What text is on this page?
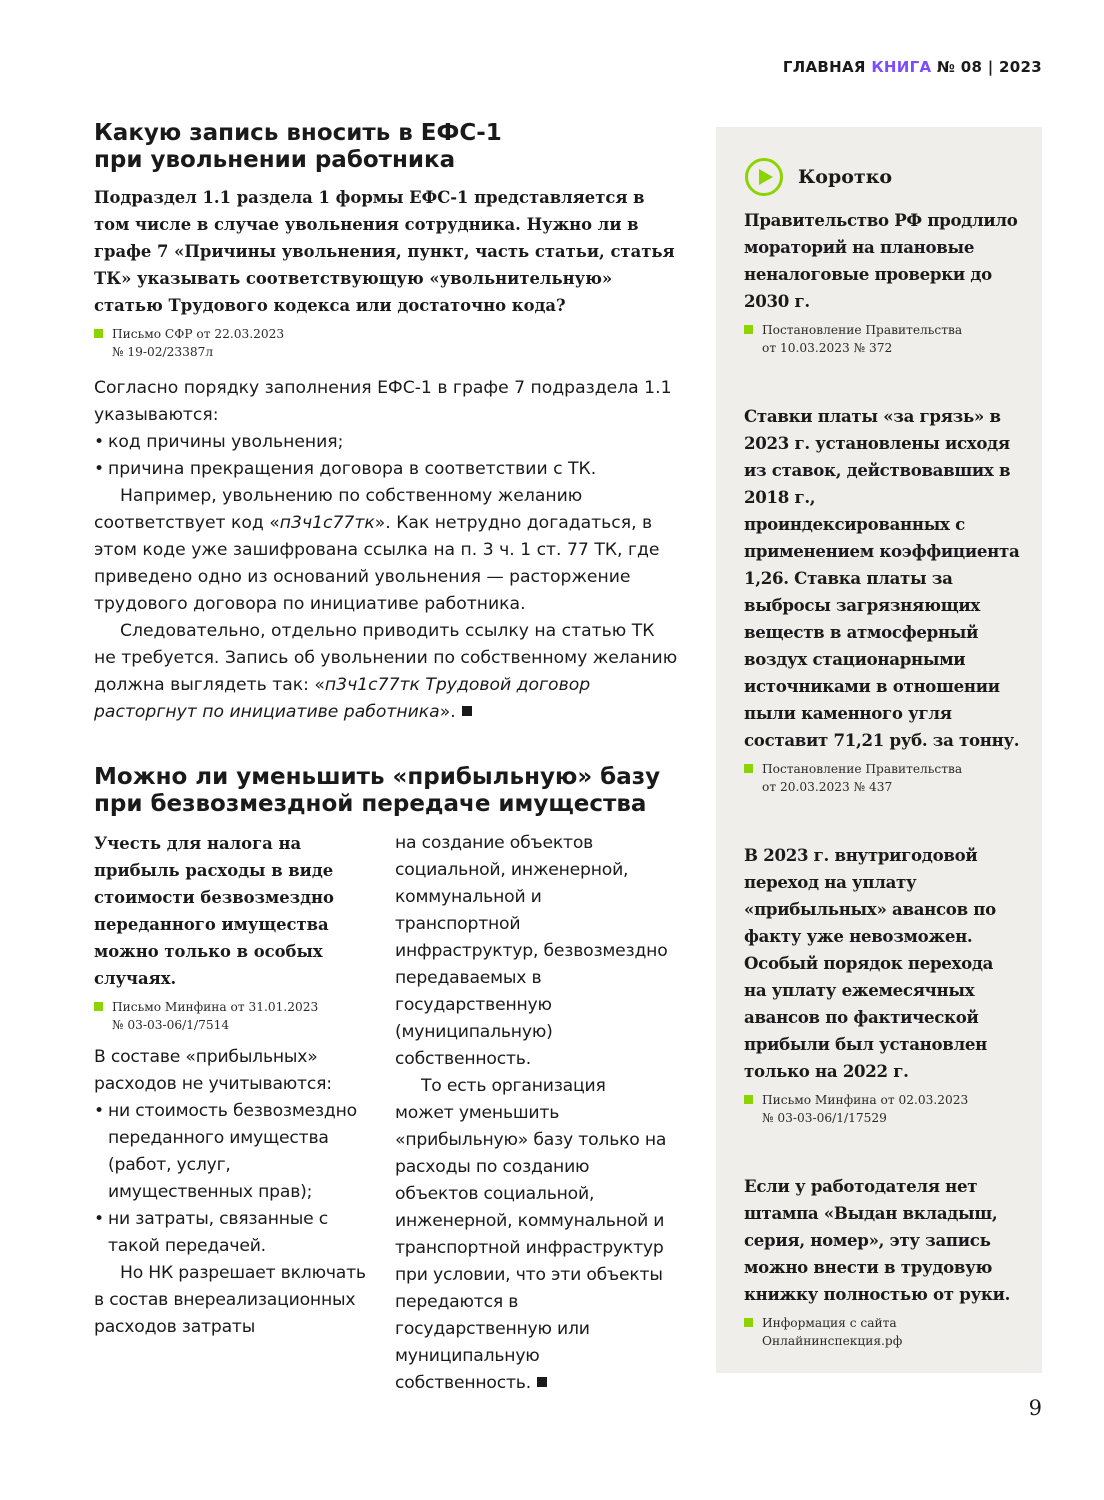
ГЛАВНАЯ КНИГА № 08 | 2023
Какую запись вносить в ЕФС-1
при увольнении работника

Подраздел 1.1 раздела 1 формы ЕФС-1 представляется в том числе в случае увольнения сотрудника. Нужно ли в графе 7 «Причины увольнения, пункт, часть статьи, статья ТК» указывать соответствующую «увольнительную» статью Трудового кодекса или достаточно кода?

Письмо СФР от 22.03.2023
№ 19-02/23387л

Согласно порядку заполнения ЕФС-1 в графе 7 подраздела 1.1 указываются:

• код причины увольнения;
• причина прекращения договора в соответствии с ТК.

Например, увольнению по собственному желанию соответствует код «п3ч1с77тк». Как нетрудно догадаться, в этом коде уже зашифрована ссылка на п. 3 ч. 1 ст. 77 ТК, где приведено одно из оснований увольнения — расторжение трудового договора по инициативе работника.

Следовательно, отдельно приводить ссылку на статью ТК не требуется. Запись об увольнении по собственному желанию должна выглядеть так: «п3ч1с77тк Трудовой договор расторгнут по инициативе работника».

Можно ли уменьшить «прибыльную» базу
при безвозмездной передаче имущества

Учесть для налога на прибыль расходы в виде стоимости безвозмездно переданного имущества можно только в особых случаях.

Письмо Минфина от 31.01.2023
№ 03-03-06/1/7514

В составе «прибыльных» расходов не учитываются:

• ни стоимость безвозмездно переданного имущества (работ, услуг, имущественных прав);
• ни затраты, связанные с такой передачей.

Но НК разрешает включать в состав внереализационных расходов затраты

на создание объектов социальной, инженерной, коммунальной и транспортной инфраструктур, безвозмездно передаваемых в государственную (муниципальную) собственность.

То есть организация может уменьшить «прибыльную» базу только на расходы по созданию объектов социальной, инженерной, коммунальной и транспортной инфраструктур при условии, что эти объекты передаются в государственную или муниципальную собственность.

Коротко

Правительство РФ продлило мораторий на плановые неналоговые проверки до 2030 г.

Постановление Правительства
от 10.03.2023 № 372

Ставки платы «за грязь» в 2023 г. установлены исходя из ставок, действовавших в 2018 г., проиндексированных с применением коэффициента 1,26. Ставка платы за выбросы загрязняющих веществ в атмосферный воздух стационарными источниками в отношении пыли каменного угля составит 71,21 руб. за тонну.

Постановление Правительства
от 20.03.2023 № 437

В 2023 г. внутригодовой переход на уплату «прибыльных» авансов по факту уже невозможен. Особый порядок перехода на уплату ежемесячных авансов по фактической прибыли был установлен только на 2022 г.

Письмо Минфина от 02.03.2023
№ 03-03-06/1/17529

Если у работодателя нет штампа «Выдан вкладыш, серия, номер», эту запись можно внести в трудовую книжку полностью от руки.

Информация с сайта
Онлайнинспекция.рф
9
